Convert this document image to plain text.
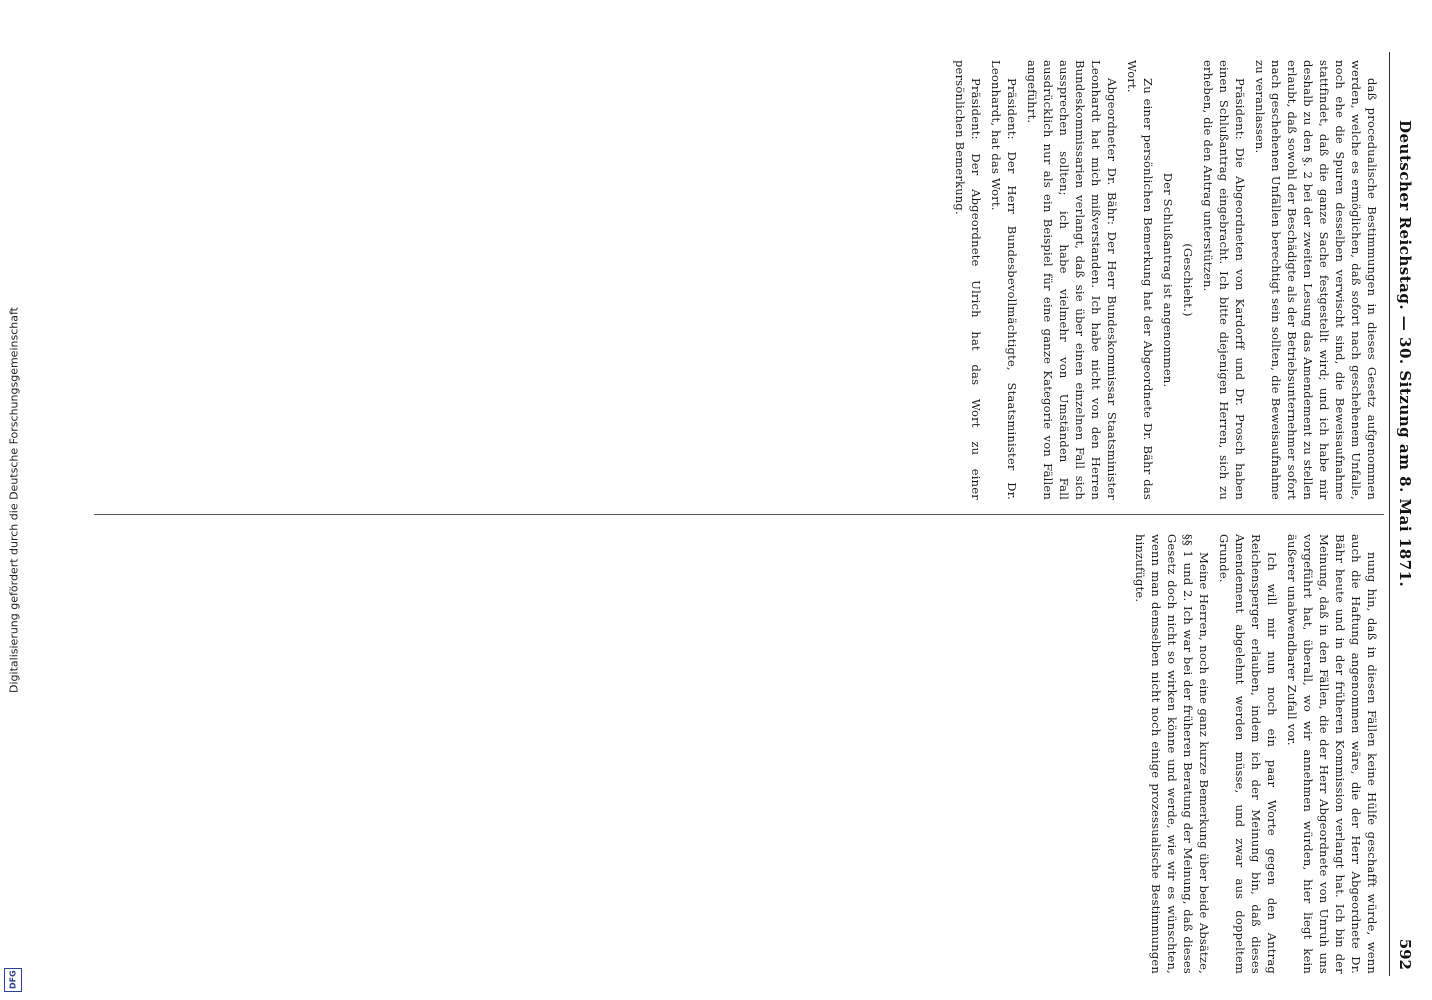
Digitalisierung gefördert durch die Deutsche Forschungsgemeinschaft
DFG
Deutscher Reichstag. — 30. Sitzung am 8. Mai 1871.
592

daß procedualische Bestimmungen in dieses Gesetz aufgenommen werden, welche es ermöglichen, daß sofort nach geschehenem Unfalle, noch ehe die Spuren desselben verwischt sind, die Beweisaufnahme stattfindet, daß die ganze Sache festgestellt wird; und ich habe mir deshalb zu den §. 2 bei der zweiten Lesung das Amendement zu stellen erlaubt, daß sowohl der Beschädigte als der Betriebsunternehmer sofort nach geschehenen Unfällen berechtigt sein sollten, die Beweisaufnahme zu veranlassen.

Präsident: Die Abgeordneten von Kardorff und Dr. Prosch haben einen Schlußantrag eingebracht. Ich bitte diejenigen Herren, sich zu erheben, die den Antrag unterstützen.

(Geschieht.)

Der Schlußantrag ist angenommen.

Zu einer persönlichen Bemerkung hat der Abgeordnete Dr. Bähr das Wort.

Abgeordneter Dr. Bähr: Der Herr Bundeskommissar Staatsminister Leonhardt hat mich mißverstanden. Ich habe nicht von den Herren Bundeskommissarien verlangt, daß sie über einen einzelnen Fall sich aussprechen sollten; ich habe vielmehr von Umständen Fall ausdrücklich nur als ein Beispiel für eine ganze Kategorie von Fällen angeführt.

Präsident: Der Herr Bundesbevollmächtigte, Staatsminister Dr. Leonhardt, hat das Wort.

Präsident: Der Abgeordnete Ulrich hat das Wort zu einer persönlichen Bemerkung.

nung hin, daß in diesen Fällen keine Hülfe geschafft würde, wenn auch die Haftung angenommen wäre, die der Herr Abgeordnete Dr. Bähr heute und in der früheren Kommission verlangt hat. Ich bin der Meinung, daß in den Fällen, die der Herr Abgeordnete von Unruh uns vorgeführt hat, überall, wo wir annehmen würden, hier liegt kein äußerer unabwendbarer Zufall vor.

Ich will mir nun noch ein paar Worte gegen den Antrag Reichensperger erlauben, indem ich der Meinung bin, daß dieses Amendement abgelehnt werden müsse, und zwar aus doppeltem Grunde.

Meine Herren, noch eine ganz kurze Bemerkung über beide Absätze, §§ 1 und 2. Ich war bei der früheren Beratung der Meinung, daß dieses Gesetz doch nicht so wirken könne und werde, wie wir es wünschten, wenn man demselben nicht noch einige prozessualische Bestimmungen hinzufügte.
